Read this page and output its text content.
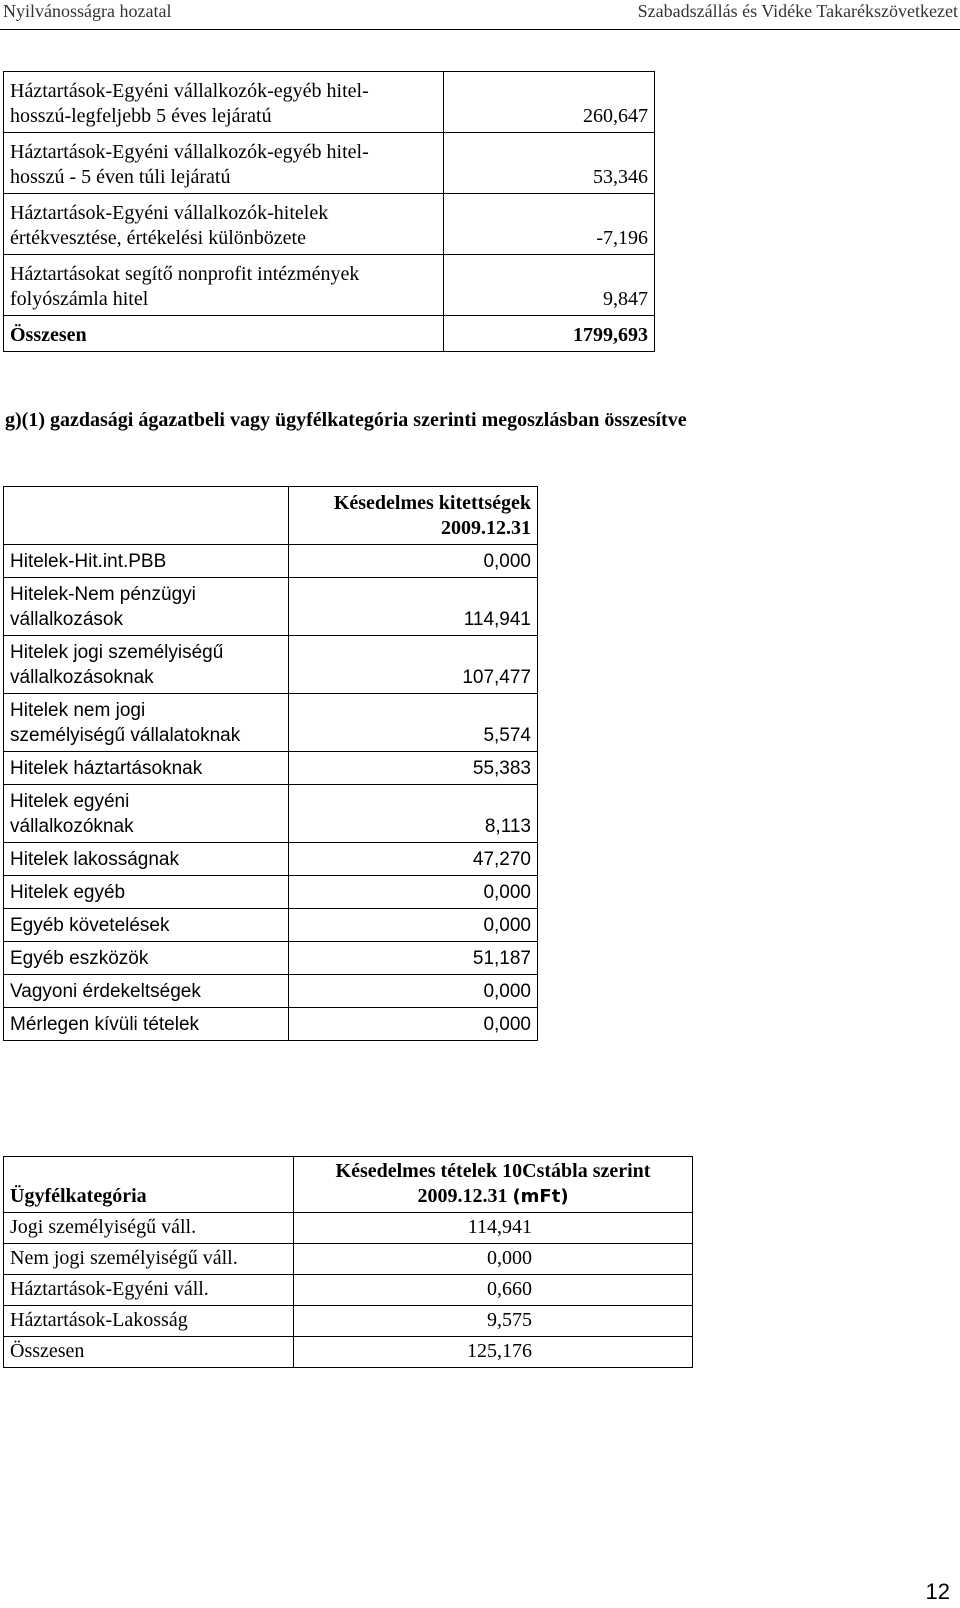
Nyilvánosságra hozatal	Szabadszállás és Vidéke Takarékszövetkezet
Háztartások-Egyéni vállalkozók-egyéb hitel-
hosszú-legfeljebb 5 éves lejáratú	260,647
Háztartások-Egyéni vállalkozók-egyéb hitel-
hosszú - 5 éven túli lejáratú	53,346
Háztartások-Egyéni vállalkozók-hitelek
értékvesztése, értékelési különbözete	-7,196
Háztartásokat segítő nonprofit intézmények
folyószámla hitel	9,847
Összesen	1799,693
g)(1) gazdasági ágazatbeli vagy ügyfélkategória szerinti megoszlásban összesítve
	Késedelmes kitettségek
2009.12.31
Hitelek-Hit.int.PBB	0,000
Hitelek-Nem pénzügyi
vállalkozások	114,941
Hitelek jogi személyiségű
vállalkozásoknak	107,477
Hitelek nem jogi
személyiségű vállalatoknak	5,574
Hitelek háztartásoknak	55,383
Hitelek egyéni
vállalkozóknak	8,113
Hitelek lakosságnak	47,270
Hitelek egyéb	0,000
Egyéb követelések	0,000
Egyéb eszközök	51,187
Vagyoni érdekeltségek	0,000
Mérlegen kívüli tételek	0,000
Ügyfélkategória	Késedelmes tételek 10Cstábla szerint
2009.12.31 (mFt)
Jogi személyiségű váll.	114,941
Nem jogi személyiségű váll.	0,000
Háztartások-Egyéni váll.	0,660
Háztartások-Lakosság	9,575
Összesen	125,176
12
